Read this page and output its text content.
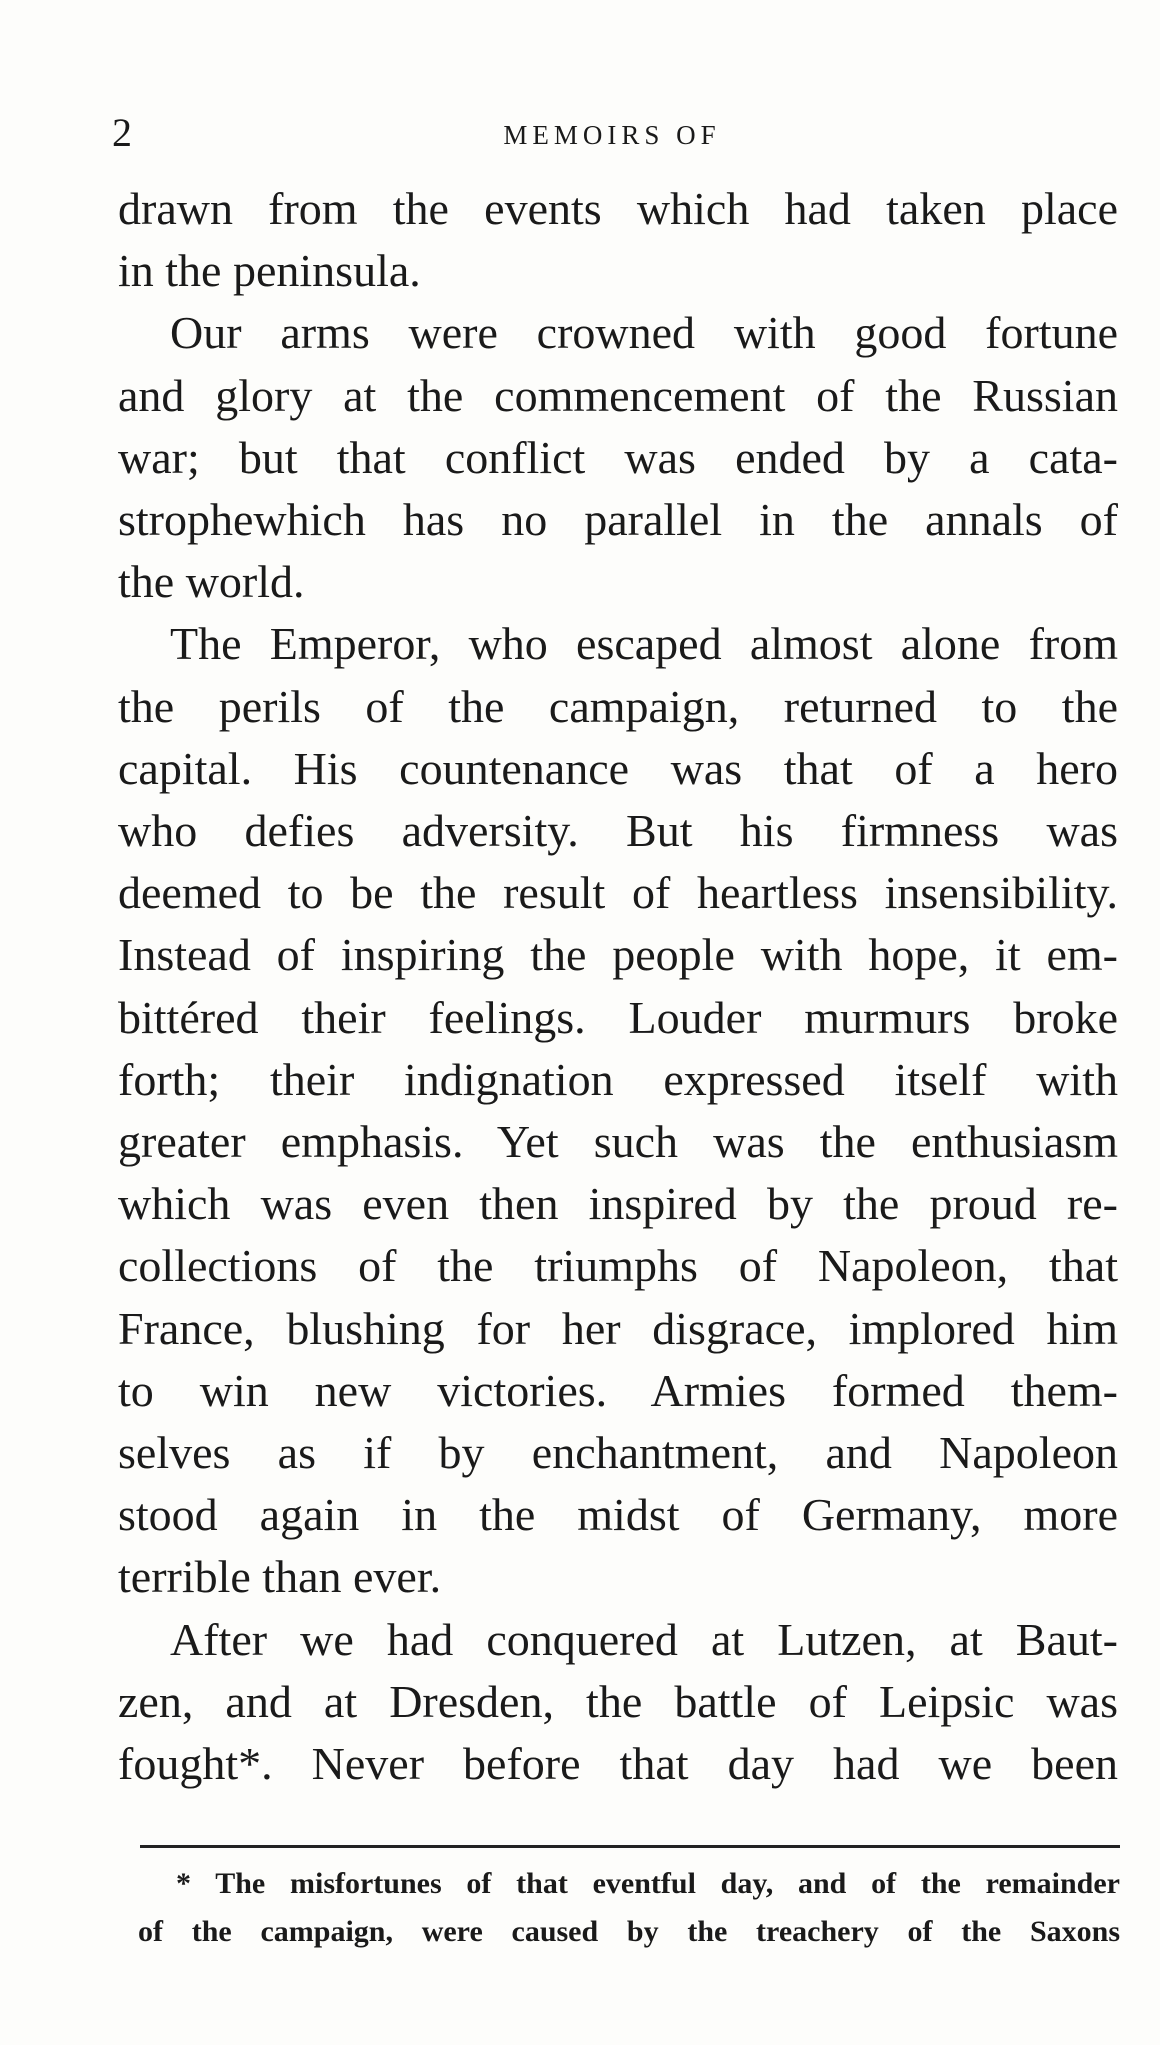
2	MEMOIRS OF
drawn from the events which had taken place
in the peninsula.
Our arms were crowned with good fortune
and glory at the commencement of the Russian
war; but that conflict was ended by a cata-
strophewhich has no parallel in the annals of
the world.
The Emperor, who escaped almost alone from
the perils of the campaign, returned to the
capital. His countenance was that of a hero
who defies adversity. But his firmness was
deemed to be the result of heartless insensibility.
Instead of inspiring the people with hope, it em-
bittéred their feelings. Louder murmurs broke
forth; their indignation expressed itself with
greater emphasis. Yet such was the enthusiasm
which was even then inspired by the proud re-
collections of the triumphs of Napoleon, that
France, blushing for her disgrace, implored him
to win new victories. Armies formed them-
selves as if by enchantment, and Napoleon
stood again in the midst of Germany, more
terrible than ever.
After we had conquered at Lutzen, at Baut-
zen, and at Dresden, the battle of Leipsic was
fought*. Never before that day had we been
* The misfortunes of that eventful day, and of the remainder
of the campaign, were caused by the treachery of the Saxons
